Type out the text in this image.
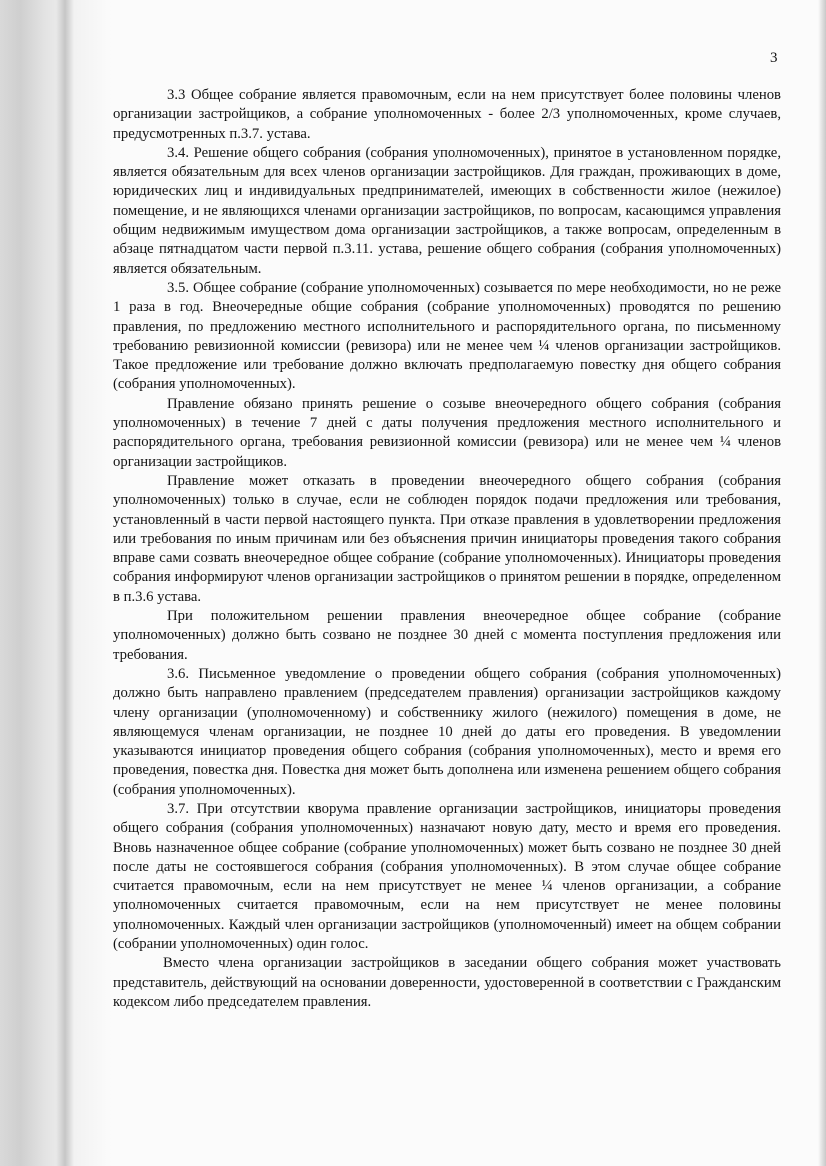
3

3.3 Общее собрание является правомочным, если на нем присутствует более половины членов организации застройщиков, а собрание уполномоченных - более 2/3 уполномоченных, кроме случаев, предусмотренных п.3.7. устава.

3.4. Решение общего собрания (собрания уполномоченных), принятое в установленном порядке, является обязательным для всех членов организации застройщиков. Для граждан, проживающих в доме, юридических лиц и индивидуальных предпринимателей, имеющих в собственности жилое (нежилое) помещение, и не являющихся членами организации застройщиков, по вопросам, касающимся управления общим недвижимым имуществом дома организации застройщиков, а также вопросам, определенным в абзаце пятнадцатом части первой п.3.11. устава, решение общего собрания (собрания уполномоченных) является обязательным.

3.5. Общее собрание (собрание уполномоченных) созывается по мере необходимости, но не реже 1 раза в год. Внеочередные общие собрания (собрание уполномоченных) проводятся по решению правления, по предложению местного исполнительного и распорядительного органа, по письменному требованию ревизионной комиссии (ревизора) или не менее чем ¼ членов организации застройщиков. Такое предложение или требование должно включать предполагаемую повестку дня общего собрания (собрания уполномоченных).

Правление обязано принять решение о созыве внеочередного общего собрания (собрания уполномоченных) в течение 7 дней с даты получения предложения местного исполнительного и распорядительного органа, требования ревизионной комиссии (ревизора) или не менее чем ¼ членов организации застройщиков.

Правление может отказать в проведении внеочередного общего собрания (собрания уполномоченных) только в случае, если не соблюден порядок подачи предложения или требования, установленный в части первой настоящего пункта. При отказе правления в удовлетворении предложения или требования по иным причинам или без объяснения причин инициаторы проведения такого собрания вправе сами созвать внеочередное общее собрание (собрание уполномоченных). Инициаторы проведения собрания информируют членов организации застройщиков о принятом решении в порядке, определенном в п.3.6 устава.

При положительном решении правления внеочередное общее собрание (собрание уполномоченных) должно быть созвано не позднее 30 дней с момента поступления предложения или требования.

3.6. Письменное уведомление о проведении общего собрания (собрания уполномоченных) должно быть направлено правлением (председателем правления) организации застройщиков каждому члену организации (уполномоченному) и собственнику жилого (нежилого) помещения в доме, не являющемуся членам организации, не позднее 10 дней до даты его проведения. В уведомлении указываются инициатор проведения общего собрания (собрания уполномоченных), место и время его проведения, повестка дня. Повестка дня может быть дополнена или изменена решением общего собрания (собрания уполномоченных).

3.7. При отсутствии кворума правление организации застройщиков, инициаторы проведения общего собрания (собрания уполномоченных) назначают новую дату, место и время его проведения. Вновь назначенное общее собрание (собрание уполномоченных) может быть созвано не позднее 30 дней после даты не состоявшегося собрания (собрания уполномоченных). В этом случае общее собрание считается правомочным, если на нем присутствует не менее ¼ членов организации, а собрание уполномоченных считается правомочным, если на нем присутствует не менее половины уполномоченных. Каждый член организации застройщиков (уполномоченный) имеет на общем собрании (собрании уполномоченных) один голос.

Вместо члена организации застройщиков в заседании общего собрания может участвовать представитель, действующий на основании доверенности, удостоверенной в соответствии с Гражданским кодексом либо председателем правления.
